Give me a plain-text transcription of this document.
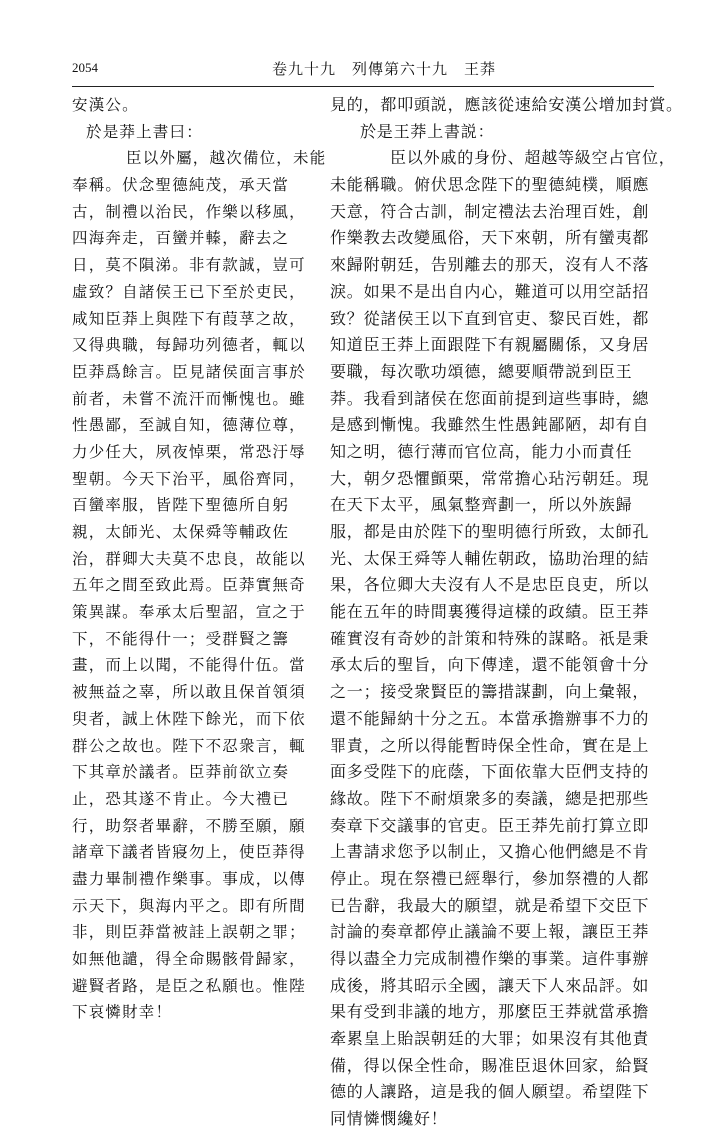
2054	卷九十九　列傳第六十九　王莽
安漢公。
於是莽上書曰：
臣以外屬，越次備位，未能
奉稱。伏念聖德純茂，承天當
古，制禮以治民，作樂以移風，
四海奔走，百蠻并轃，辭去之
日，莫不隕涕。非有款誠，豈可
虛致？自諸侯王已下至於吏民，
咸知臣莽上與陛下有葭莩之故，
又得典職，每歸功列德者，輒以
臣莽爲餘言。臣見諸侯面言事於
前者，未嘗不流汗而慚愧也。雖
性愚鄙，至誠自知，德薄位尊，
力少任大，夙夜悼栗，常恐汙辱
聖朝。今天下治平，風俗齊同，
百蠻率服，皆陛下聖德所自躬
親，太師光、太保舜等輔政佐
治，群卿大夫莫不忠良，故能以
五年之間至致此焉。臣莽實無奇
策異謀。奉承太后聖詔，宣之于
下，不能得什一；受群賢之籌
畫，而上以聞，不能得什伍。當
被無益之辜，所以敢且保首領須
臾者，誠上休陛下餘光，而下依
群公之故也。陛下不忍衆言，輒
下其章於議者。臣莽前欲立奏
止，恐其遂不肯止。今大禮已
行，助祭者畢辭，不勝至願，願
諸章下議者皆寢勿上，使臣莽得
盡力畢制禮作樂事。事成，以傳
示天下，與海内平之。即有所間
非，則臣莽當被詿上誤朝之罪；
如無他譴，得全命賜骸骨歸家，
避賢者路，是臣之私願也。惟陛
下哀憐財幸！
見的，都叩頭説，應該從速給安漢公增加封賞。
於是王莽上書説：
臣以外戚的身份、超越等級空占官位，
未能稱職。俯伏思念陛下的聖德純樸，順應
天意，符合古訓，制定禮法去治理百姓，創
作樂教去改變風俗，天下來朝，所有蠻夷都
來歸附朝廷，告别離去的那天，沒有人不落
淚。如果不是出自内心，難道可以用空話招
致？從諸侯王以下直到官吏、黎民百姓，都
知道臣王莽上面跟陛下有親屬關係，又身居
要職，每次歌功頌德，總要順帶説到臣王
莽。我看到諸侯在您面前提到這些事時，總
是感到慚愧。我雖然生性愚鈍鄙陋，却有自
知之明，德行薄而官位高，能力小而責任
大，朝夕恐懼顫栗，常常擔心玷污朝廷。現
在天下太平，風氣整齊劃一，所以外族歸
服，都是由於陛下的聖明德行所致，太師孔
光、太保王舜等人輔佐朝政，協助治理的結
果，各位卿大夫沒有人不是忠臣良吏，所以
能在五年的時間裏獲得這樣的政績。臣王莽
確實沒有奇妙的計策和特殊的謀略。祇是秉
承太后的聖旨，向下傳達，還不能領會十分
之一；接受衆賢臣的籌措謀劃，向上彙報，
還不能歸納十分之五。本當承擔辦事不力的
罪責，之所以得能暫時保全性命，實在是上
面多受陛下的庇蔭，下面依靠大臣們支持的
緣故。陛下不耐煩衆多的奏議，總是把那些
奏章下交議事的官吏。臣王莽先前打算立即
上書請求您予以制止，又擔心他們總是不肯
停止。現在祭禮已經舉行，參加祭禮的人都
已告辭，我最大的願望，就是希望下交臣下
討論的奏章都停止議論不要上報，讓臣王莽
得以盡全力完成制禮作樂的事業。這件事辦
成後，將其昭示全國，讓天下人來品評。如
果有受到非議的地方，那麼臣王莽就當承擔
牽累皇上貽誤朝廷的大罪；如果沒有其他責
備，得以保全性命，賜准臣退休回家，給賢
德的人讓路，這是我的個人願望。希望陛下
同情憐憫纔好！
